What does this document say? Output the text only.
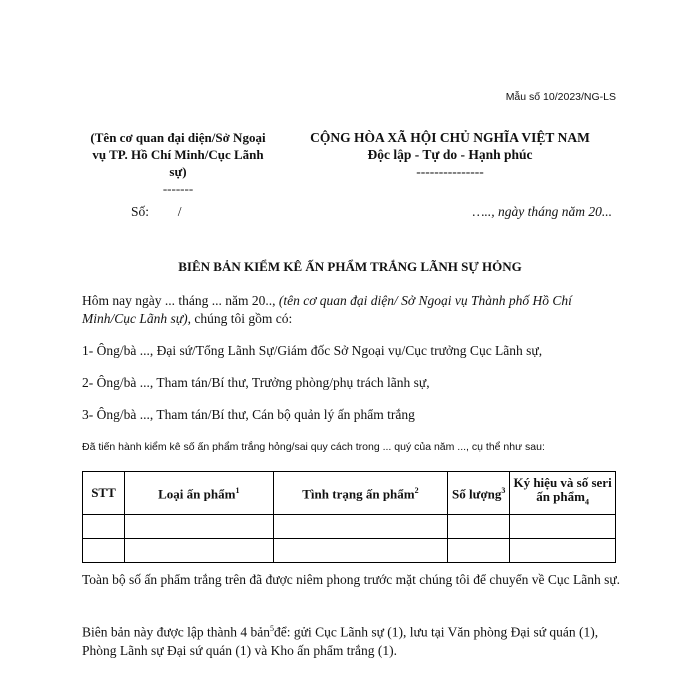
Mẫu số 10/2023/NG-LS
(Tên cơ quan đại diện/Sở Ngoại
vụ TP. Hồ Chí Minh/Cục Lãnh
sự)
-------
CỘNG HÒA XÃ HỘI CHỦ NGHĨA VIỆT NAM
Độc lập - Tự do - Hạnh phúc
---------------
Số: /	….., ngày tháng năm 20...
BIÊN BẢN KIỂM KÊ ẤN PHẨM TRẮNG LÃNH SỰ HỎNG
Hôm nay ngày ... tháng ... năm 20.., (tên cơ quan đại diện/ Sở Ngoại vụ Thành phố Hồ Chí Minh/Cục Lãnh sự), chúng tôi gồm có:
1- Ông/bà ..., Đại sứ/Tổng Lãnh Sự/Giám đốc Sở Ngoại vụ/Cục trưởng Cục Lãnh sự,
2- Ông/bà ..., Tham tán/Bí thư, Trưởng phòng/phụ trách lãnh sự,
3- Ông/bà ..., Tham tán/Bí thư, Cán bộ quản lý ấn phẩm trắng
Đã tiến hành kiểm kê số ấn phẩm trắng hỏng/sai quy cách trong ... quý của năm ..., cụ thể như sau:
STT	Loại ấn phẩm$^1$	Tình trạng ấn phẩm$^2$	Số lượng$^3$	Ký hiệu và số seri ấn phẩm$_4$

Toàn bộ số ấn phẩm trắng trên đã được niêm phong trước mặt chúng tôi để chuyển về Cục Lãnh sự.
Biên bản này được lập thành 4 bản$^5$để: gửi Cục Lãnh sự (1), lưu tại Văn phòng Đại sứ quán (1), Phòng Lãnh sự Đại sứ quán (1) và Kho ấn phẩm trắng (1).
